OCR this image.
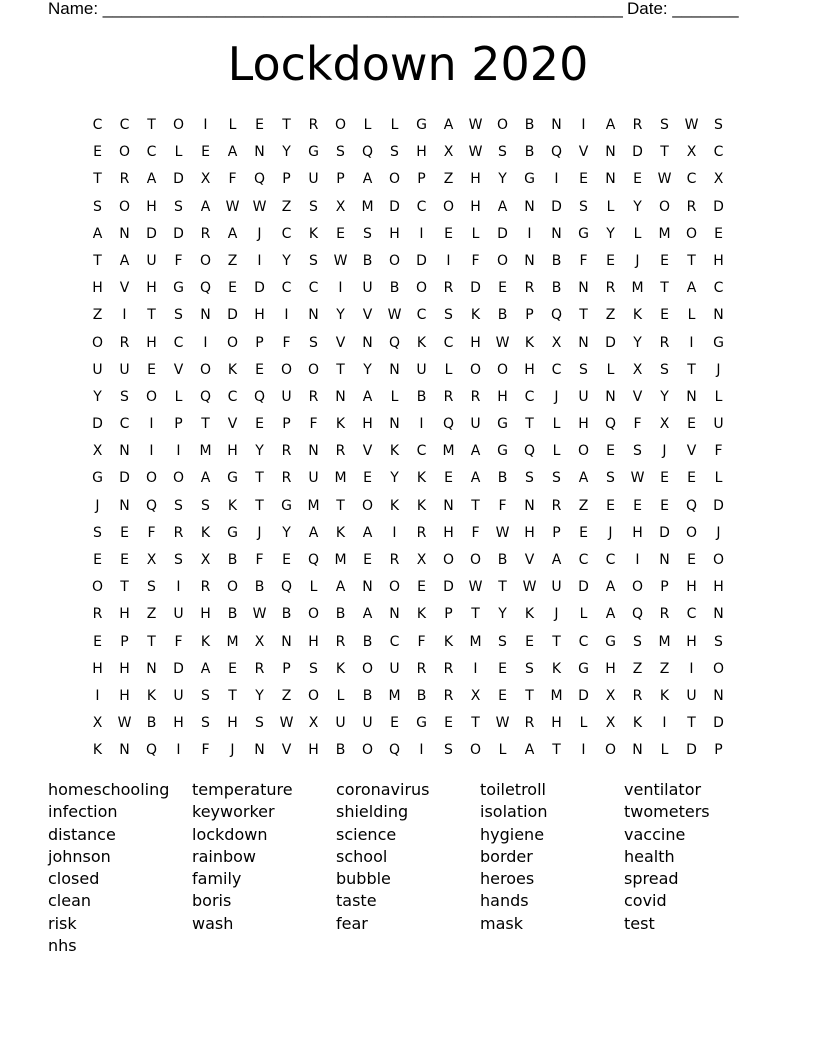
Name: _______________________________________________________ Date: _______
Lockdown 2020
C	C	T	O	I	L	E	T	R	O	L	L	G	A	W	O	B	N	I	A	R	S	W	S
E	O	C	L	E	A	N	Y	G	S	Q	S	H	X	W	S	B	Q	V	N	D	T	X	C
T	R	A	D	X	F	Q	P	U	P	A	O	P	Z	H	Y	G	I	E	N	E	W	C	X
S	O	H	S	A	W W	Z	S	X	M	D	C	O	H	A	N	D	S	L	Y	O	R	D
A	N	D	D	R	A	J	C	K	E	S	H	I	E	L	D	I	N	G	Y	L	M	O	E
T	A	U	F	O	Z	I	Y	S	W	B	O	D	I	F	O	N	B	F	E	J	E	T	H
H	V	H	G	Q	E	D	C	C	I	U	B	O	R	D	E	R	B	N	R	M	T	A	C
Z	I	T	S	N	D	H	I	N	Y	V	W	C	S	K	B	P	Q	T	Z	K	E	L	N
O	R	H	C	I	O	P	F	S	V	N	Q	K	C	H	W	K	X	N	D	Y	R	I	G
U	U	E	V	O	K	E	O	O	T	Y	N	U	L	O	O	H	C	S	L	X	S	T	J
Y	S	O	L	Q	C	Q	U	R	N	A	L	B	R	R	H	C	J	U	N	V	Y	N	L
D	C	I	P	T	V	E	P	F	K	H	N	I	Q	U	G	T	L	H	Q	F	X	E	U
X	N	I	I	M	H	Y	R	N	R	V	K	C	M	A	G	Q	L	O	E	S	J	V	F
G	D	O	O	A	G	T	R	U	M	E	Y	K	E	A	B	S	S	A	S	W	E	E	L
J	N	Q	S	S	K	T	G	M	T	O	K	K	N	T	F	N	R	Z	E	E	E	Q	D
S	E	F	R	K	G	J	Y	A	K	A	I	R	H	F	W	H	P	E	J	H	D	O	J
E	E	X	S	X	B	F	E	Q	M	E	R	X	O	O	B	V	A	C	C	I	N	E	O
O	T	S	I	R	O	B	Q	L	A	N	O	E	D	W	T	W	U	D	A	O	P	H	H
R	H	Z	U	H	B	W	B	O	B	A	N	K	P	T	Y	K	J	L	A	Q	R	C	N
E	P	T	F	K	M	X	N	H	R	B	C	F	K	M	S	E	T	C	G	S	M	H	S
H	H	N	D	A	E	R	P	S	K	O	U	R	R	I	E	S	K	G	H	Z	Z	I	O
I	H	K	U	S	T	Y	Z	O	L	B	M	B	R	X	E	T	M	D	X	R	K	U	N
X	W	B	H	S	H	S	W	X	U	U	E	G	E	T	W	R	H	L	X	K	I	T	D
K	N	Q	I	F	J	N	V	H	B	O	Q	I	S	O	L	A	T	I	O	N	L	D	P
homeschooling
infection
distance
johnson
closed
clean
risk
nhs
temperature
keyworker
lockdown
rainbow
family
boris
wash
coronavirus
shielding
science
school
bubble
taste
fear
toiletroll
isolation
hygiene
border
heroes
hands
mask
ventilator
twometers
vaccine
health
spread
covid
test
